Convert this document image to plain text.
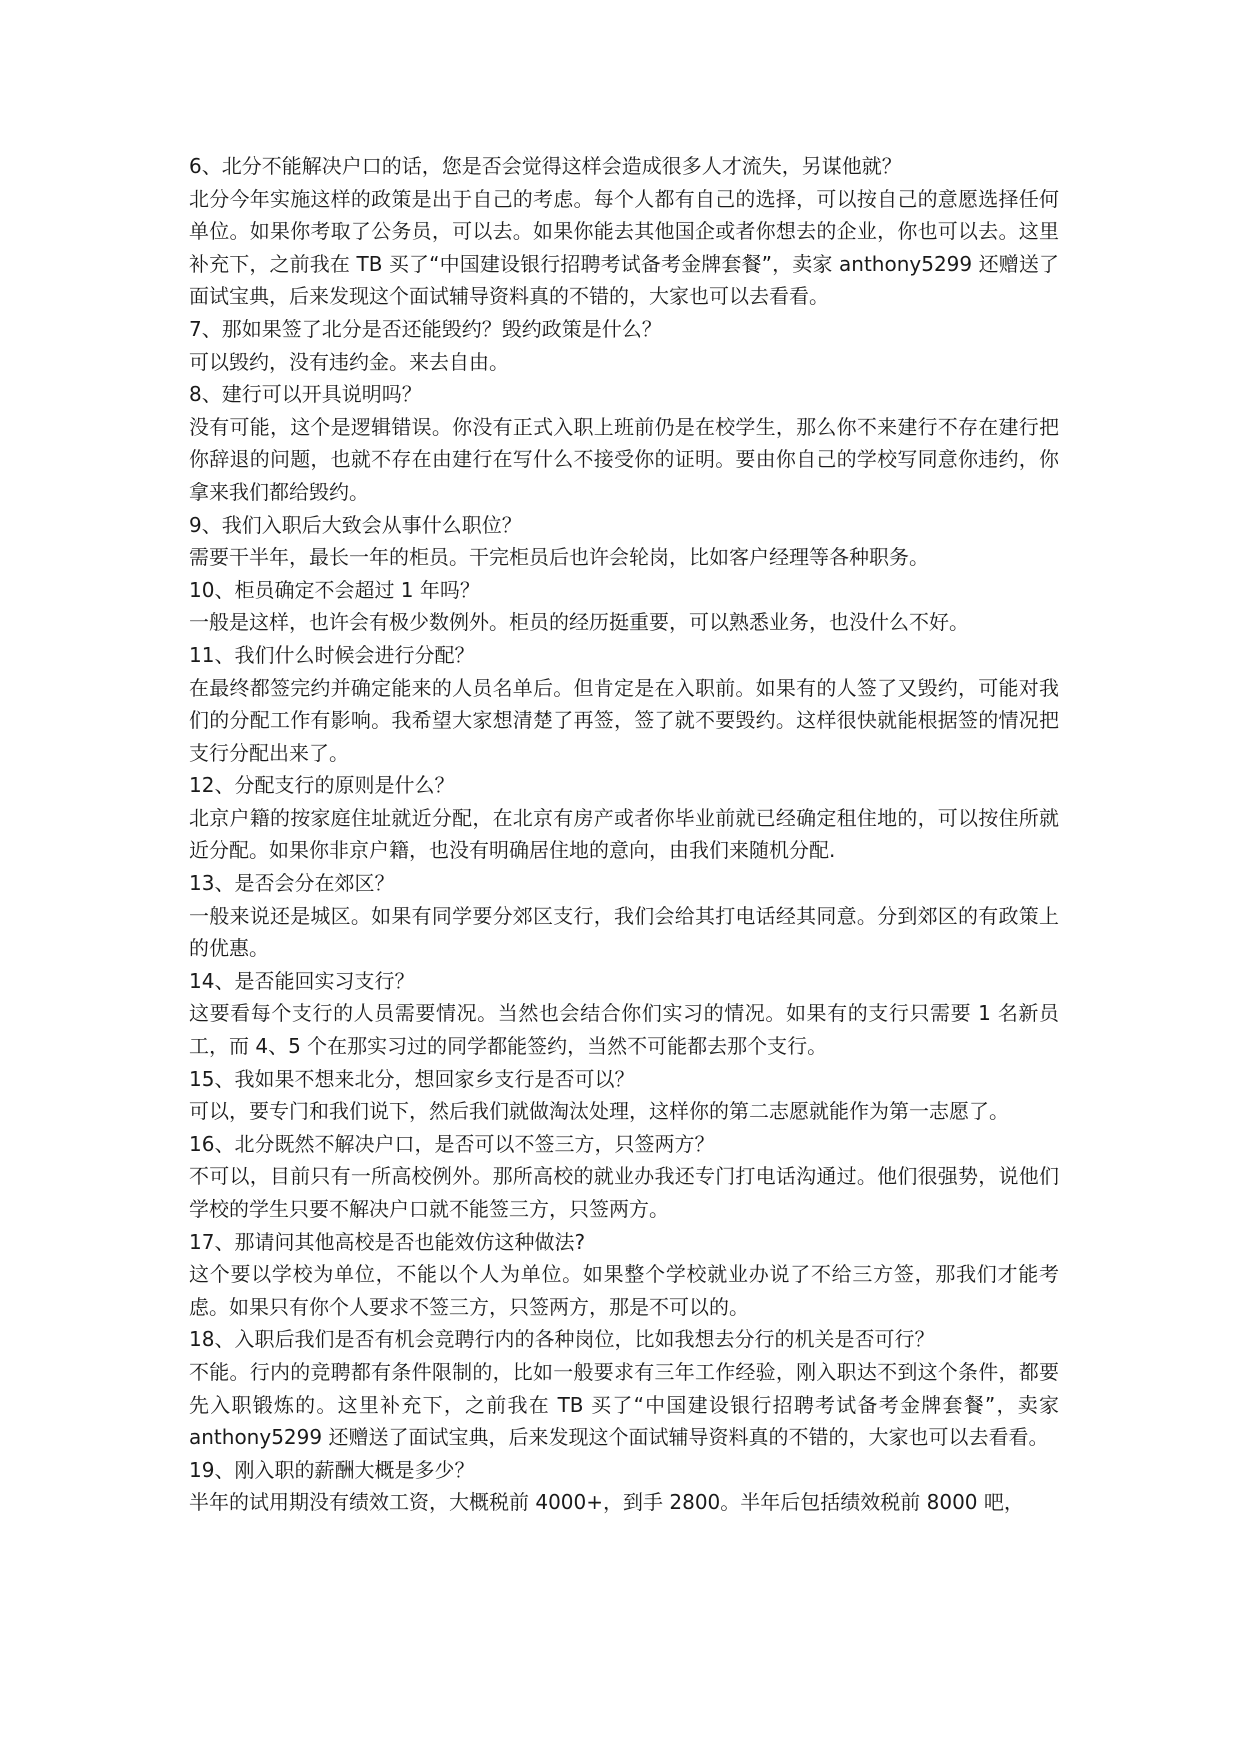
6、北分不能解决户口的话，您是否会觉得这样会造成很多人才流失，另谋他就？

北分今年实施这样的政策是出于自己的考虑。每个人都有自己的选择，可以按自己的意愿选择任何单位。如果你考取了公务员，可以去。如果你能去其他国企或者你想去的企业，你也可以去。这里补充下，之前我在 TB 买了“中国建设银行招聘考试备考金牌套餐”，卖家 anthony5299 还赠送了面试宝典，后来发现这个面试辅导资料真的不错的，大家也可以去看看。

7、那如果签了北分是否还能毁约？毁约政策是什么？

可以毁约，没有违约金。来去自由。

8、建行可以开具说明吗？

没有可能，这个是逻辑错误。你没有正式入职上班前仍是在校学生，那么你不来建行不存在建行把你辞退的问题，也就不存在由建行在写什么不接受你的证明。要由你自己的学校写同意你违约，你拿来我们都给毁约。

9、我们入职后大致会从事什么职位？

需要干半年，最长一年的柜员。干完柜员后也许会轮岗，比如客户经理等各种职务。

10、柜员确定不会超过 1 年吗？

一般是这样，也许会有极少数例外。柜员的经历挺重要，可以熟悉业务，也没什么不好。

11、我们什么时候会进行分配？

在最终都签完约并确定能来的人员名单后。但肯定是在入职前。如果有的人签了又毁约，可能对我们的分配工作有影响。我希望大家想清楚了再签，签了就不要毁约。这样很快就能根据签的情况把支行分配出来了。

12、分配支行的原则是什么？

北京户籍的按家庭住址就近分配，在北京有房产或者你毕业前就已经确定租住地的，可以按住所就近分配。如果你非京户籍，也没有明确居住地的意向，由我们来随机分配.

13、是否会分在郊区？

一般来说还是城区。如果有同学要分郊区支行，我们会给其打电话经其同意。分到郊区的有政策上的优惠。

14、是否能回实习支行？

这要看每个支行的人员需要情况。当然也会结合你们实习的情况。如果有的支行只需要 1 名新员工，而 4、5 个在那实习过的同学都能签约，当然不可能都去那个支行。

15、我如果不想来北分，想回家乡支行是否可以？

可以，要专门和我们说下，然后我们就做淘汰处理，这样你的第二志愿就能作为第一志愿了。

16、北分既然不解决户口，是否可以不签三方，只签两方？

不可以，目前只有一所高校例外。那所高校的就业办我还专门打电话沟通过。他们很强势，说他们学校的学生只要不解决户口就不能签三方，只签两方。

17、那请问其他高校是否也能效仿这种做法?

这个要以学校为单位，不能以个人为单位。如果整个学校就业办说了不给三方签，那我们才能考虑。如果只有你个人要求不签三方，只签两方，那是不可以的。

18、入职后我们是否有机会竞聘行内的各种岗位，比如我想去分行的机关是否可行？

不能。行内的竞聘都有条件限制的，比如一般要求有三年工作经验，刚入职达不到这个条件，都要先入职锻炼的。这里补充下，之前我在 TB 买了“中国建设银行招聘考试备考金牌套餐”，卖家 anthony5299 还赠送了面试宝典，后来发现这个面试辅导资料真的不错的，大家也可以去看看。

19、刚入职的薪酬大概是多少？

半年的试用期没有绩效工资，大概税前 4000+，到手 2800。半年后包括绩效税前 8000 吧，
